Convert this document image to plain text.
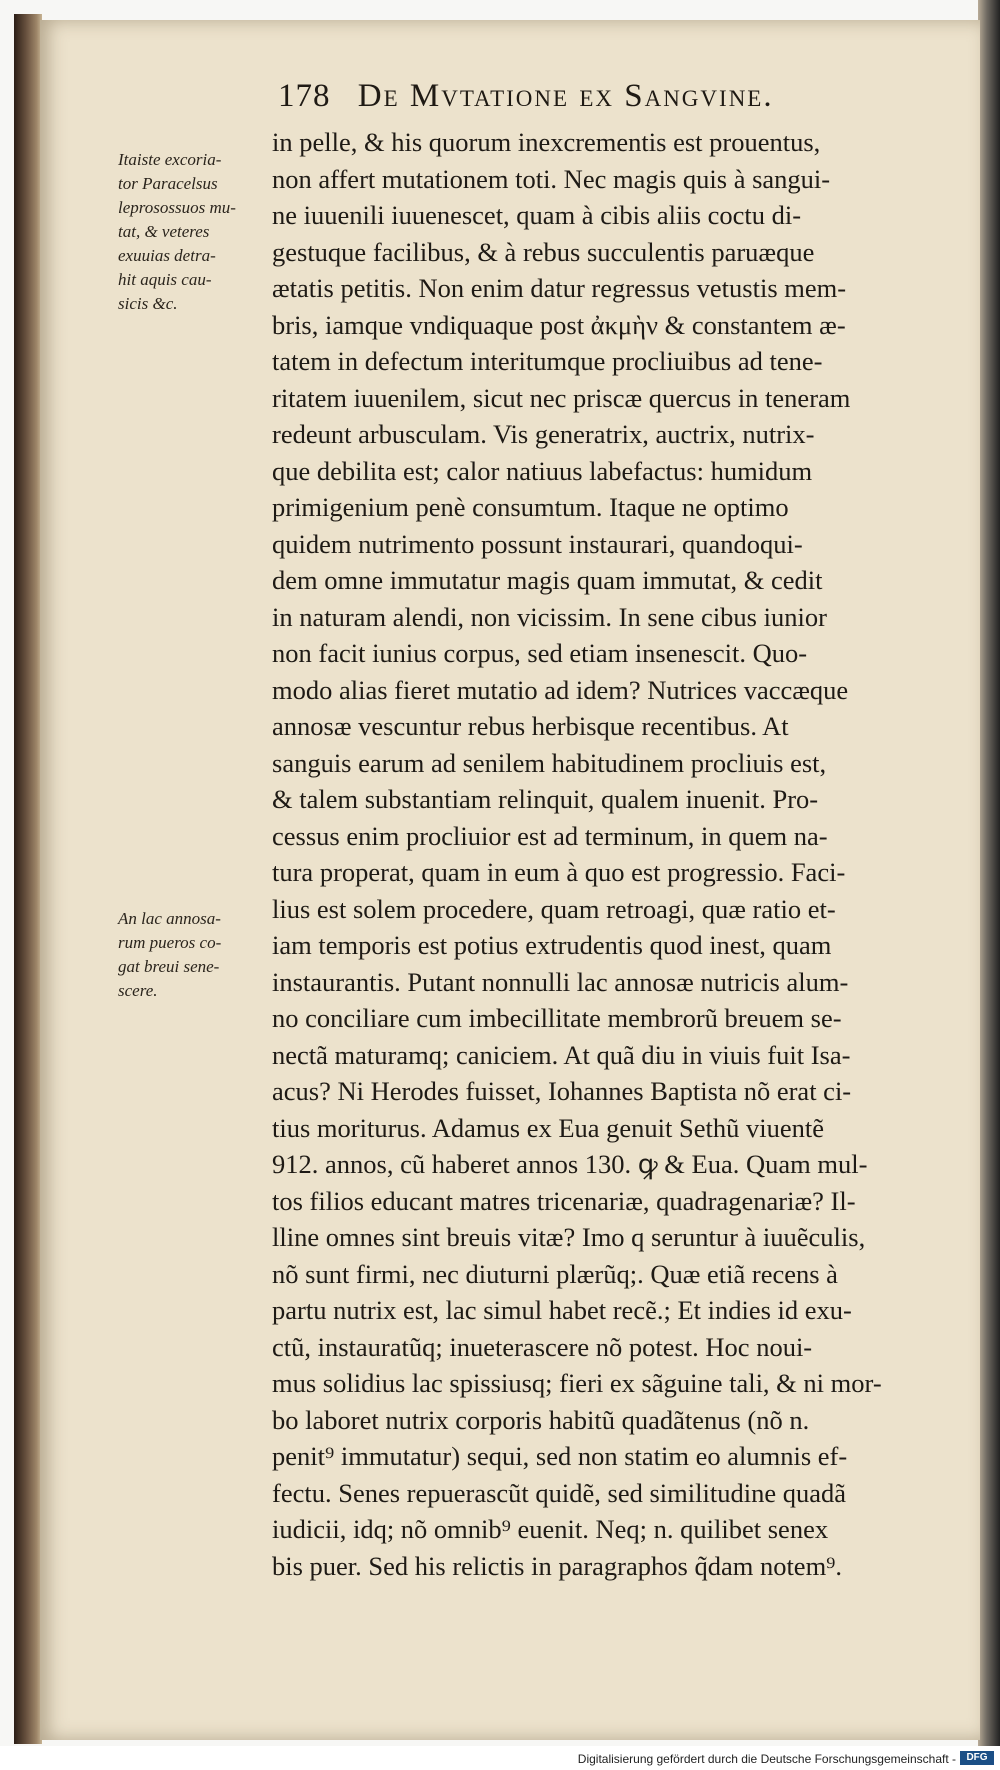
178 De Mvtatione ex Sangvine.
Itaiste excoria-
tor Paracelsus
leprosossuos mu-
tat, & veteres
exuuias detra-
hit aquis cau-
sicis &c.
An lac annosa-
rum pueros co-
gat breui sene-
scere.
in pelle, & his quorum inexcrementis est prouentus,
non affert mutationem toti. Nec magis quis à sangui-
ne iuuenili iuuenescet, quam à cibis aliis coctu di-
gestuque facilibus, & à rebus succulentis paruæque
ætatis petitis. Non enim datur regressus vetustis mem-
bris, iamque vndiquaque post ἀκμὴν & constantem æ-
tatem in defectum interitumque procliuibus ad tene-
ritatem iuuenilem, sicut nec priscæ quercus in teneram
redeunt arbusculam. Vis generatrix, auctrix, nutrix-
que debilita est; calor natiuus labefactus: humidum
primigenium penè consumtum. Itaque ne optimo
quidem nutrimento possunt instaurari, quandoqui-
dem omne immutatur magis quam immutat, & cedit
in naturam alendi, non vicissim. In sene cibus iunior
non facit iunius corpus, sed etiam insenescit. Quo-
modo alias fieret mutatio ad idem? Nutrices vaccæque
annosæ vescuntur rebus herbisque recentibus. At
sanguis earum ad senilem habitudinem procliuis est,
& talem substantiam relinquit, qualem inuenit. Pro-
cessus enim procliuior est ad terminum, in quem na-
tura properat, quam in eum à quo est progressio. Faci-
lius est solem procedere, quam retroagi, quæ ratio et-
iam temporis est potius extrudentis quod inest, quam
instaurantis. Putant nonnulli lac annosæ nutricis alum-
no conciliare cum imbecillitate membrorũ breuem se-
nectã maturamq; caniciem. At quã diu in viuis fuit Isa-
acus? Ni Herodes fuisset, Iohannes Baptista nõ erat ci-
tius moriturus. Adamus ex Eua genuit Sethũ viuentẽ
912. annos, cũ haberet annos 130. ꝙ & Eua. Quam mul-
tos filios educant matres tricenariæ, quadragenariæ? Il-
lline omnes sint breuis vitæ? Imo q seruntur à iuuẽculis,
nõ sunt firmi, nec diuturni plærũq;. Quæ etiã recens à
partu nutrix est, lac simul habet recẽ.; Et indies id exu-
ctũ, instauratũq; inueterascere nõ potest. Hoc noui-
mus solidius lac spissiusq; fieri ex sãguine tali, & ni mor-
bo laboret nutrix corporis habitũ quadãtenus (nõ n.
penit⁹ immutatur) sequi, sed non statim eo alumnis ef-
fectu. Senes repuerascũt quidẽ, sed similitudine quadã
iudicii, idq; nõ omnib⁹ euenit. Neq; n. quilibet senex
bis puer. Sed his relictis in paragraphos q̃dam notem⁹.
Digitalisierung gefördert durch die Deutsche Forschungsgemeinschaft -	DFG
